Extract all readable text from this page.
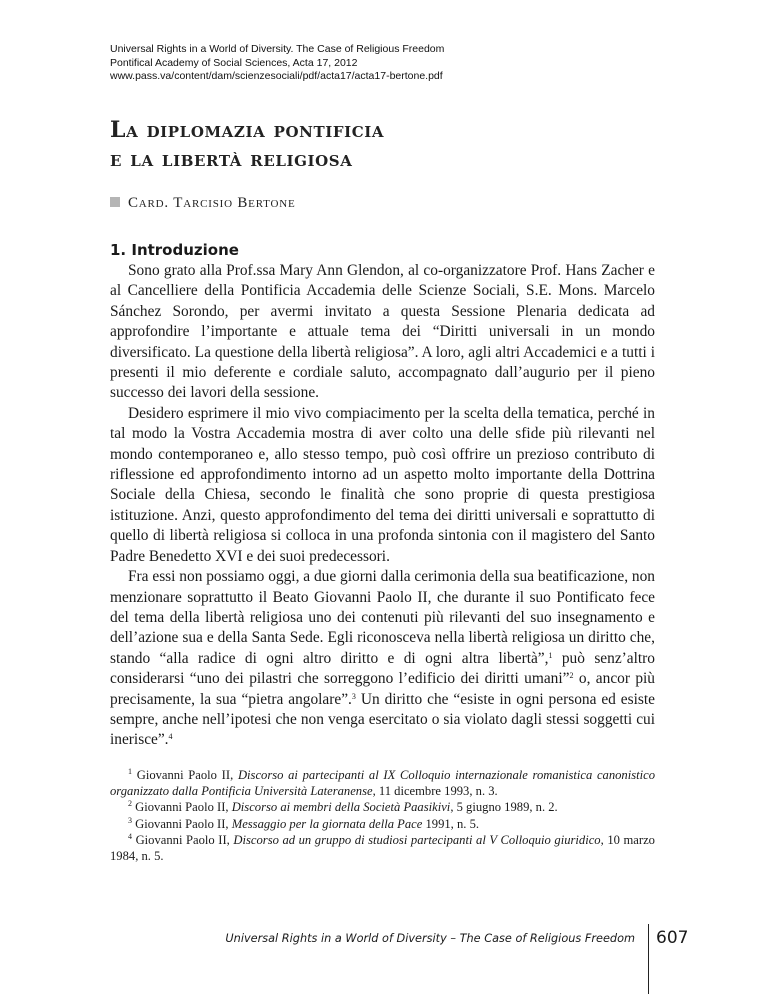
Universal Rights in a World of Diversity. The Case of Religious Freedom
Pontifical Academy of Social Sciences, Acta 17, 2012
www.pass.va/content/dam/scienzesociali/pdf/acta17/acta17-bertone.pdf
La diplomazia pontificia
e la libertà religiosa
Card. Tarcisio Bertone
1. Introduzione

Sono grato alla Prof.ssa Mary Ann Glendon, al co-organizzatore Prof. Hans Zacher e al Cancelliere della Pontificia Accademia delle Scienze Sociali, S.E. Mons. Marcelo Sánchez Sorondo, per avermi invitato a questa Sessione Plenaria dedicata ad approfondire l’importante e attuale tema dei “Diritti universali in un mondo diversificato. La questione della libertà religiosa”. A loro, agli altri Accademici e a tutti i presenti il mio deferente e cordiale saluto, accompagnato dall’augurio per il pieno successo dei lavori della sessione.

Desidero esprimere il mio vivo compiacimento per la scelta della tematica, perché in tal modo la Vostra Accademia mostra di aver colto una delle sfide più rilevanti nel mondo contemporaneo e, allo stesso tempo, può così offrire un prezioso contributo di riflessione ed approfondimento intorno ad un aspetto molto importante della Dottrina Sociale della Chiesa, secondo le finalità che sono proprie di questa prestigiosa istituzione. Anzi, questo approfondimento del tema dei diritti universali e soprattutto di quello di libertà religiosa si colloca in una profonda sintonia con il magistero del Santo Padre Benedetto XVI e dei suoi predecessori.

Fra essi non possiamo oggi, a due giorni dalla cerimonia della sua beatificazione, non menzionare soprattutto il Beato Giovanni Paolo II, che durante il suo Pontificato fece del tema della libertà religiosa uno dei contenuti più rilevanti del suo insegnamento e dell’azione sua e della Santa Sede. Egli riconosceva nella libertà religiosa un diritto che, stando “alla radice di ogni altro diritto e di ogni altra libertà”,$^1$ può senz’altro considerarsi “uno dei pilastri che sorreggono l’edificio dei diritti umani”$^2$ o, ancor più precisamente, la sua “pietra angolare”.$^3$ Un diritto che “esiste in ogni persona ed esiste sempre, anche nell’ipotesi che non venga esercitato o sia violato dagli stessi soggetti cui inerisce”.$^4$

$^1$ Giovanni Paolo II, Discorso ai partecipanti al IX Colloquio internazionale romanistica canonistico organizzato dalla Pontificia Università Lateranense, 11 dicembre 1993, n. 3.

$^2$ Giovanni Paolo II, Discorso ai membri della Società Paasikivi, 5 giugno 1989, n. 2.

$^3$ Giovanni Paolo II, Messaggio per la giornata della Pace 1991, n. 5.

$^4$ Giovanni Paolo II, Discorso ad un gruppo di studiosi partecipanti al V Colloquio giuridico, 10 marzo 1984, n. 5.

Universal Rights in a World of Diversity – The Case of Religious Freedom 607
